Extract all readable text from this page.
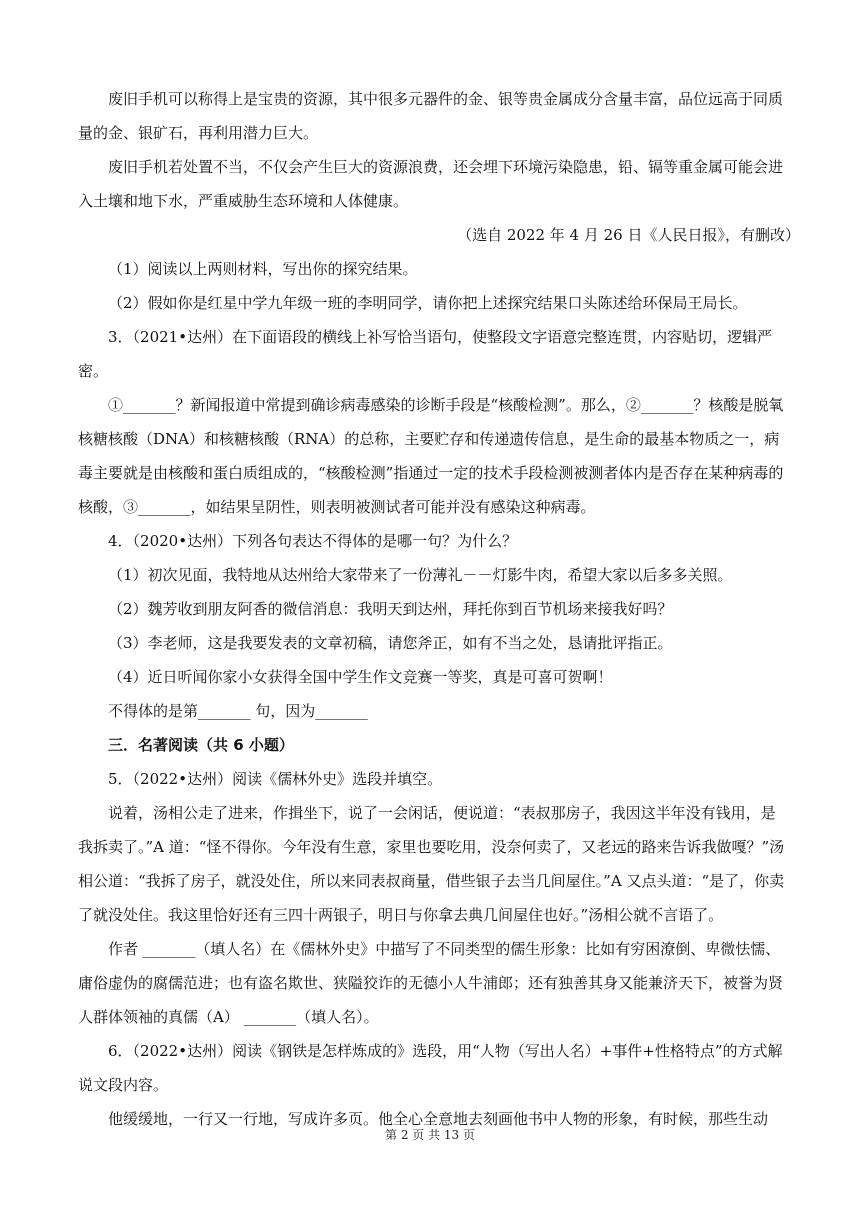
废旧手机可以称得上是宝贵的资源，其中很多元器件的金、银等贵金属成分含量丰富，品位远高于同质量的金、银矿石，再利用潜力巨大。

废旧手机若处置不当，不仅会产生巨大的资源浪费，还会埋下环境污染隐患，铅、镉等重金属可能会进入土壤和地下水，严重威胁生态环境和人体健康。

（选自 2022 年 4 月 26 日《人民日报》，有删改）

（1）阅读以上两则材料，写出你的探究结果。

（2）假如你是红星中学九年级一班的李明同学，请你把上述探究结果口头陈述给环保局王局长。

3．（2021•达州）在下面语段的横线上补写恰当语句，使整段文字语意完整连贯，内容贴切，逻辑严密。

①_______？新闻报道中常提到确诊病毒感染的诊断手段是“核酸检测”。那么，②_______？核酸是脱氧核糖核酸（DNA）和核糖核酸（RNA）的总称，主要贮存和传递遗传信息，是生命的最基本物质之一，病毒主要就是由核酸和蛋白质组成的，“核酸检测”指通过一定的技术手段检测被测者体内是否存在某种病毒的核酸，③_______，如结果呈阴性，则表明被测试者可能并没有感染这种病毒。

4．（2020•达州）下列各句表达不得体的是哪一句？为什么？

（1）初次见面，我特地从达州给大家带来了一份薄礼－－灯影牛肉，希望大家以后多多关照。

（2）魏芳收到朋友阿香的微信消息：我明天到达州，拜托你到百节机场来接我好吗？

（3）李老师，这是我要发表的文章初稿，请您斧正，如有不当之处，恳请批评指正。

（4）近日听闻你家小女获得全国中学生作文竞赛一等奖，真是可喜可贺啊！

不得体的是第_______ 句，因为_______

三．名著阅读（共 6 小题）

5．（2022•达州）阅读《儒林外史》选段并填空。

说着，汤相公走了进来，作揖坐下，说了一会闲话，便说道：“表叔那房子，我因这半年没有钱用，是我拆卖了。”A 道：“怪不得你。今年没有生意，家里也要吃用，没奈何卖了，又老远的路来告诉我做嘎？”汤相公道：“我拆了房子，就没处住，所以来同表叔商量，借些银子去当几间屋住。”A 又点头道：“是了，你卖了就没处住。我这里恰好还有三四十两银子，明日与你拿去典几间屋住也好。”汤相公就不言语了。

作者 _______（填人名）在《儒林外史》中描写了不同类型的儒生形象：比如有穷困潦倒、卑微怯懦、庸俗虚伪的腐儒范进；也有盗名欺世、狭隘狡诈的无德小人牛浦郎；还有独善其身又能兼济天下，被誉为贤人群体领袖的真儒（A） _______（填人名）。

6．（2022•达州）阅读《钢铁是怎样炼成的》选段，用“人物（写出人名）+事件+性格特点”的方式解说文段内容。

他缓缓地，一行又一行地，写成许多页。他全心全意地去刻画他书中人物的形象，有时候，那些生动

第 2 页 共 13 页
